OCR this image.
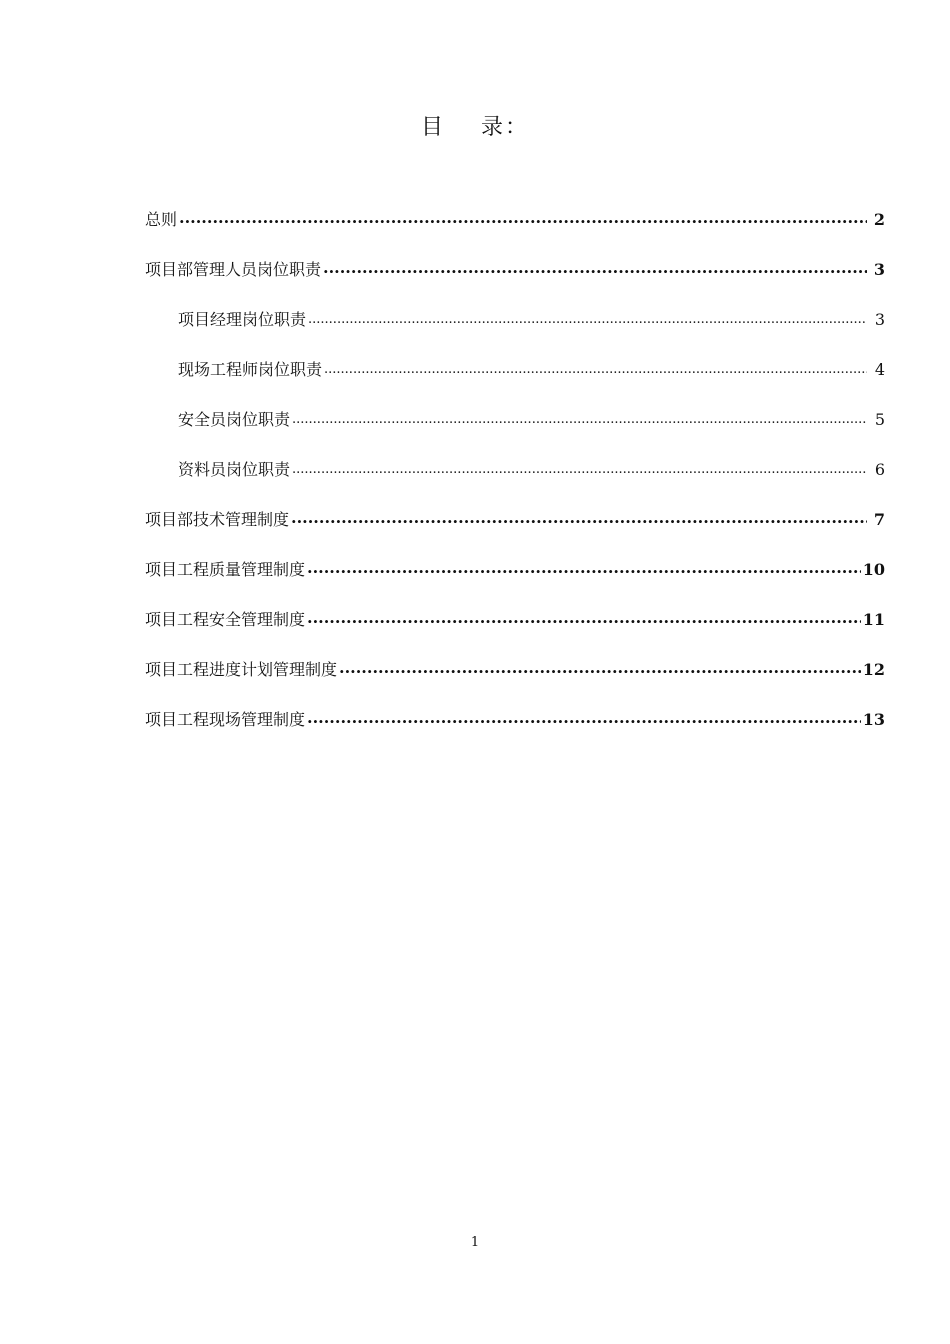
目 录：
总则 .....	2
项目部管理人员岗位职责 .....	3
项目经理岗位职责 .....	3
现场工程师岗位职责 .....	4
安全员岗位职责 .....	5
资料员岗位职责 .....	6
项目部技术管理制度 .....	7
项目工程质量管理制度 .....	10
项目工程安全管理制度 .....	11
项目工程进度计划管理制度 .....	12
项目工程现场管理制度 .....	13
1
